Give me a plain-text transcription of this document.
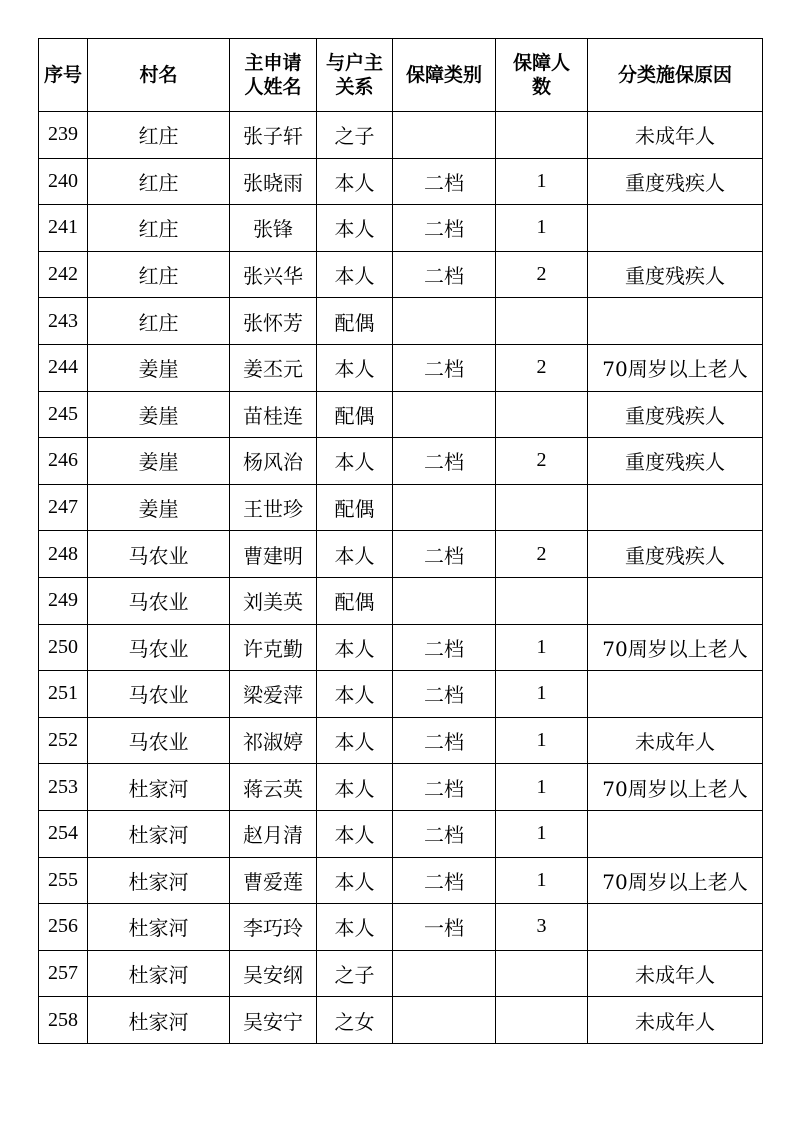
序号	村名	主申请人姓名	与户主关系	保障类别	保障人数	分类施保原因
239	红庄	张子轩	之子			未成年人
240	红庄	张晓雨	本人	二档	1	重度残疾人
241	红庄	张锋	本人	二档	1	
242	红庄	张兴华	本人	二档	2	重度残疾人
243	红庄	张怀芳	配偶			
244	姜崖	姜丕元	本人	二档	2	70周岁以上老人
245	姜崖	苗桂连	配偶			重度残疾人
246	姜崖	杨风治	本人	二档	2	重度残疾人
247	姜崖	王世珍	配偶			
248	马农业	曹建明	本人	二档	2	重度残疾人
249	马农业	刘美英	配偶			
250	马农业	许克勤	本人	二档	1	70周岁以上老人
251	马农业	梁爱萍	本人	二档	1	
252	马农业	祁淑婷	本人	二档	1	未成年人
253	杜家河	蒋云英	本人	二档	1	70周岁以上老人
254	杜家河	赵月清	本人	二档	1	
255	杜家河	曹爱莲	本人	二档	1	70周岁以上老人
256	杜家河	李巧玲	本人	一档	3	
257	杜家河	吴安纲	之子			未成年人
258	杜家河	吴安宁	之女			未成年人
